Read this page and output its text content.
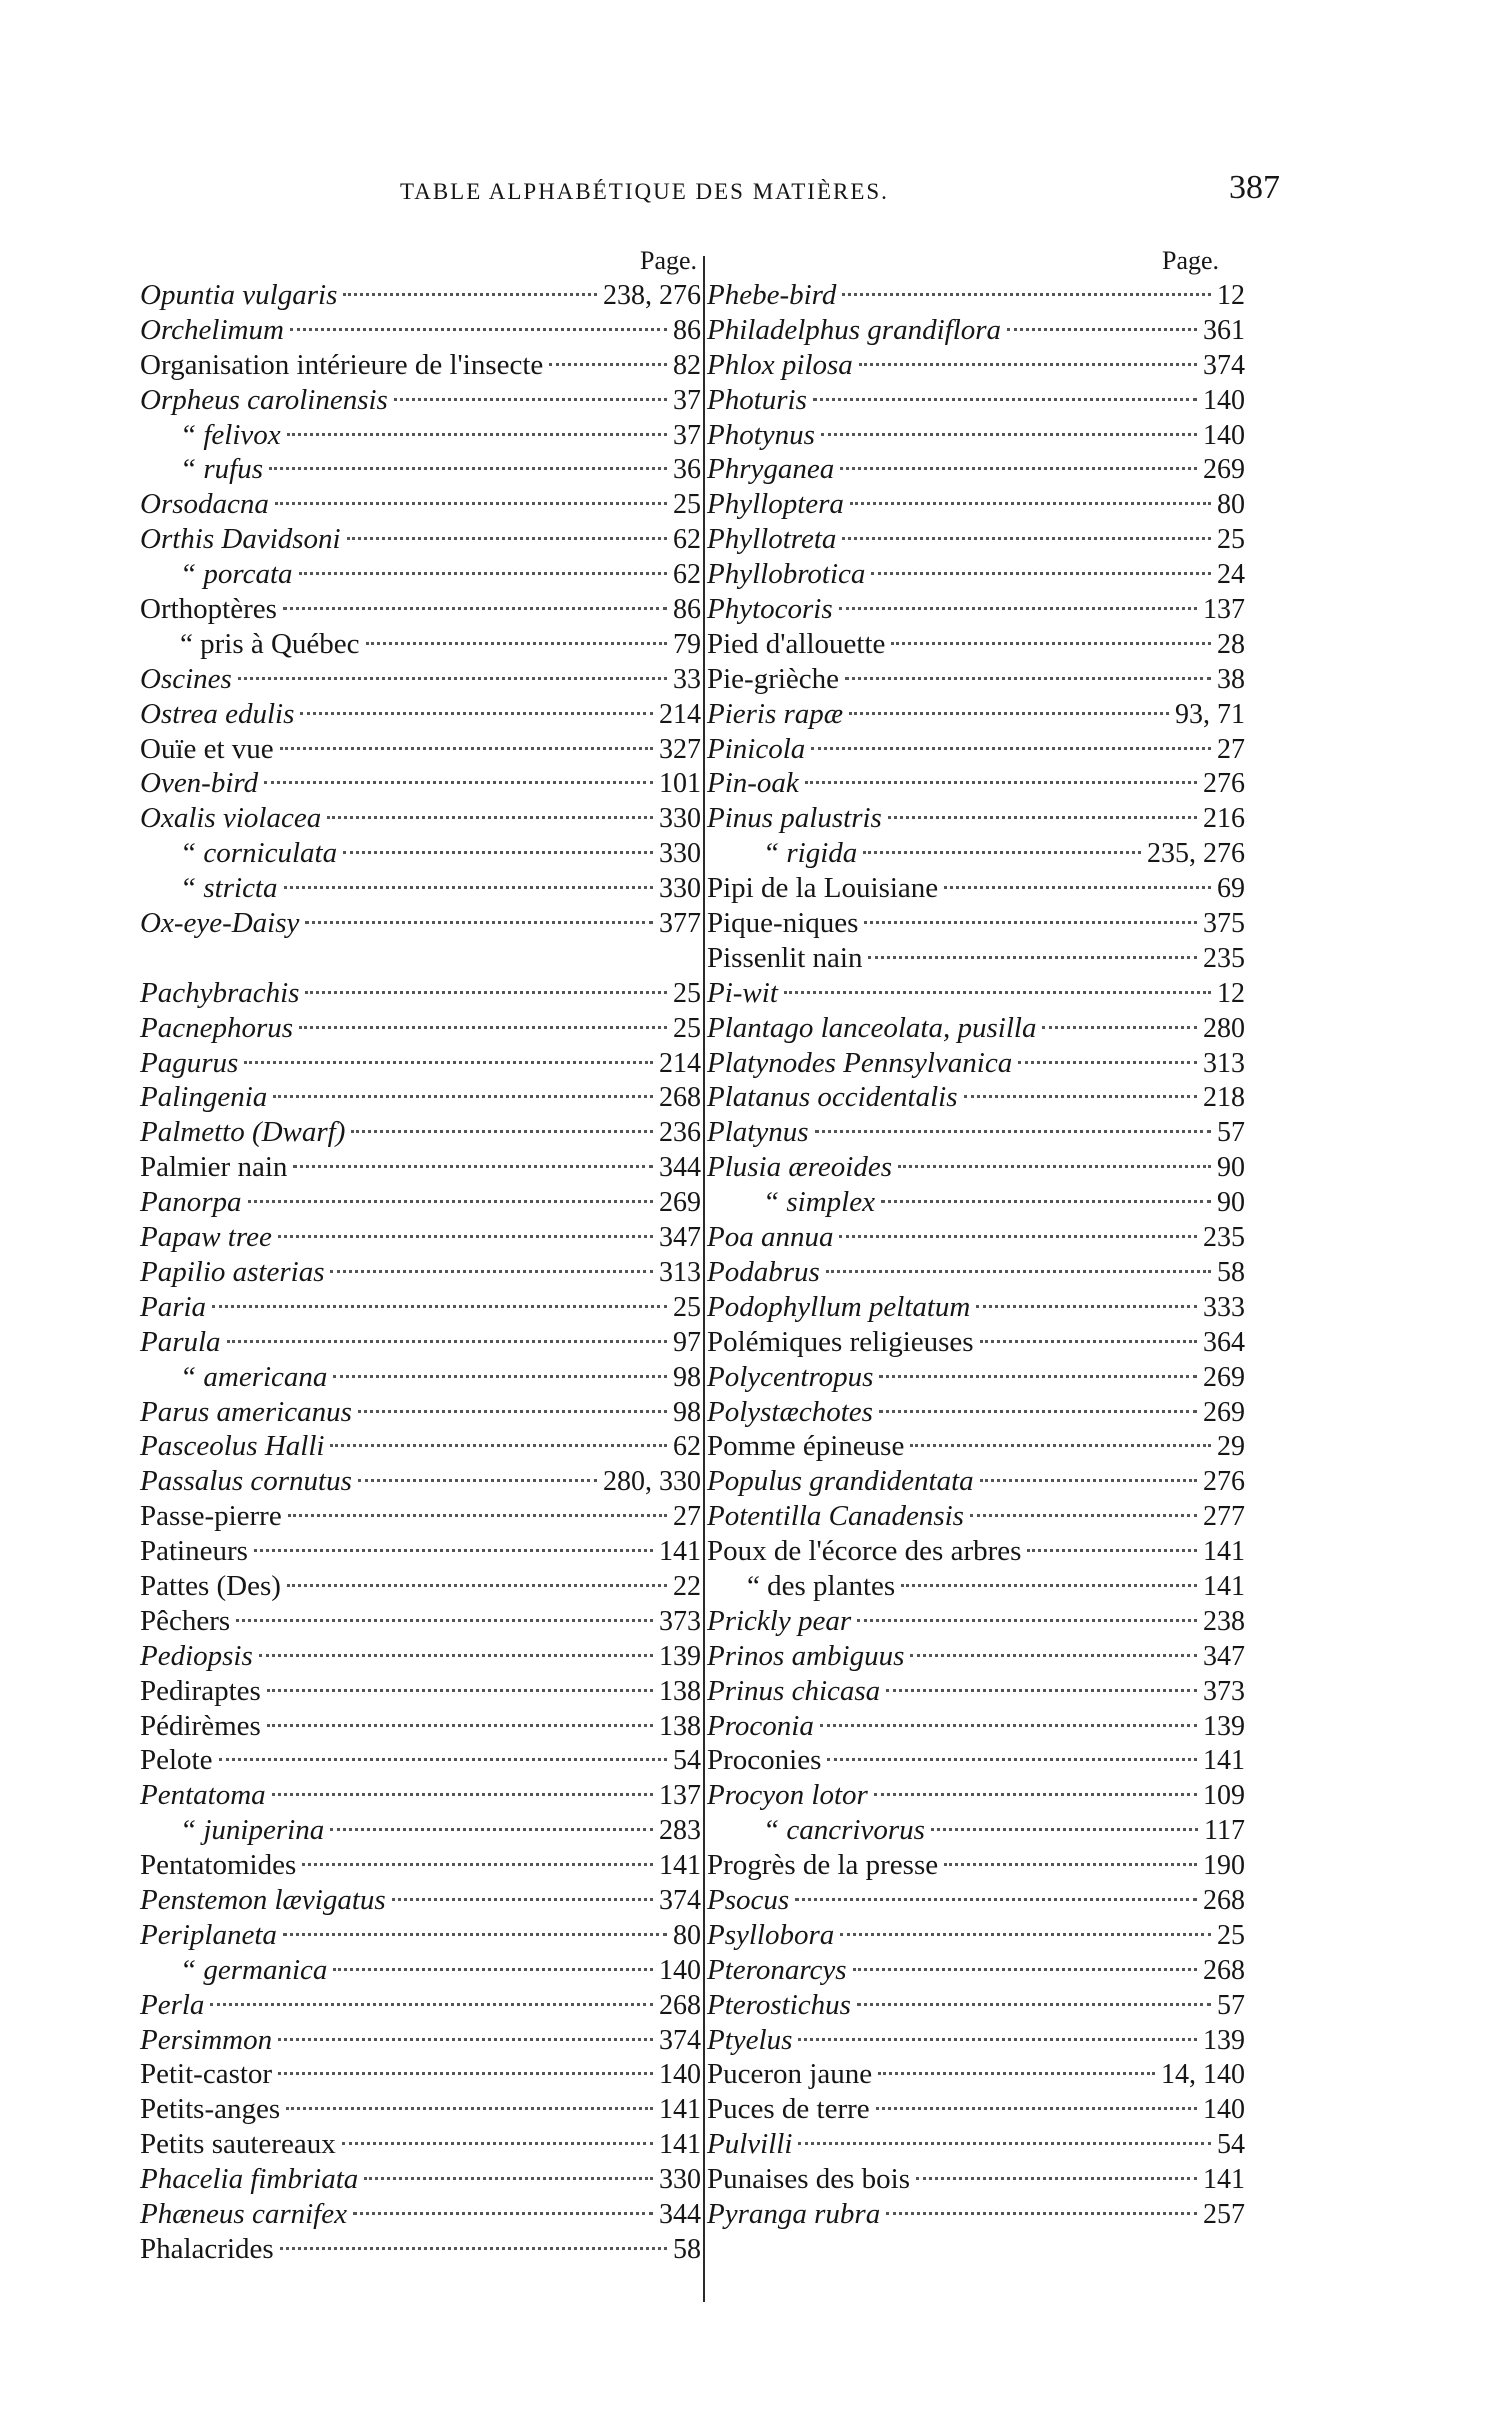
TABLE ALPHABÉTIQUE DES MATIÈRES.	387
Page.	Page.
Opuntia vulgaris	238, 276
Orchelimum	86
Organisation intérieure de l'insecte	82
Orpheus carolinensis	37
“ felivox	37
“ rufus	36
Orsodacna	25
Orthis Davidsoni	62
“ porcata	62
Orthoptères	86
“ pris à Québec	79
Oscines	33
Ostrea edulis	214
Ouïe et vue	327
Oven-bird	101
Oxalis violacea	330
“ corniculata	330
“ stricta	330
Ox-eye-Daisy	377
Pachybrachis	25
Pacnephorus	25
Pagurus	214
Palingenia	268
Palmetto (Dwarf)	236
Palmier nain	344
Panorpa	269
Papaw tree	347
Papilio asterias	313
Paria	25
Parula	97
“ americana	98
Parus americanus	98
Pasceolus Halli	62
Passalus cornutus	280, 330
Passe-pierre	27
Patineurs	141
Pattes (Des)	22
Pêchers	373
Pediopsis	139
Pediraptes	138
Pédirèmes	138
Pelote	54
Pentatoma	137
“ juniperina	283
Pentatomides	141
Penstemon lævigatus	374
Periplaneta	80
“ germanica	140
Perla	268
Persimmon	374
Petit-castor	140
Petits-anges	141
Petits sautereaux	141
Phacelia fimbriata	330
Phæneus carnifex	344
Phalacrides	58
Phebe-bird	12
Philadelphus grandiflora	361
Phlox pilosa	374
Photuris	140
Photynus	140
Phryganea	269
Phylloptera	80
Phyllotreta	25
Phyllobrotica	24
Phytocoris	137
Pied d'allouette	28
Pie-grièche	38
Pieris rapæ	93, 71
Pinicola	27
Pin-oak	276
Pinus palustris	216
“ rigida	235, 276
Pipi de la Louisiane	69
Pique-niques	375
Pissenlit nain	235
Pi-wit	12
Plantago lanceolata, pusilla	280
Platynodes Pennsylvanica	313
Platanus occidentalis	218
Platynus	57
Plusia æreoides	90
“ simplex	90
Poa annua	235
Podabrus	58
Podophyllum peltatum	333
Polémiques religieuses	364
Polycentropus	269
Polystæchotes	269
Pomme épineuse	29
Populus grandidentata	276
Potentilla Canadensis	277
Poux de l'écorce des arbres	141
“ des plantes	141
Prickly pear	238
Prinos ambiguus	347
Prinus chicasa	373
Proconia	139
Proconies	141
Procyon lotor	109
“ cancrivorus	117
Progrès de la presse	190
Psocus	268
Psyllobora	25
Pteronarcys	268
Pterostichus	57
Ptyelus	139
Puceron jaune	14, 140
Puces de terre	140
Pulvilli	54
Punaises des bois	141
Pyranga rubra	257
